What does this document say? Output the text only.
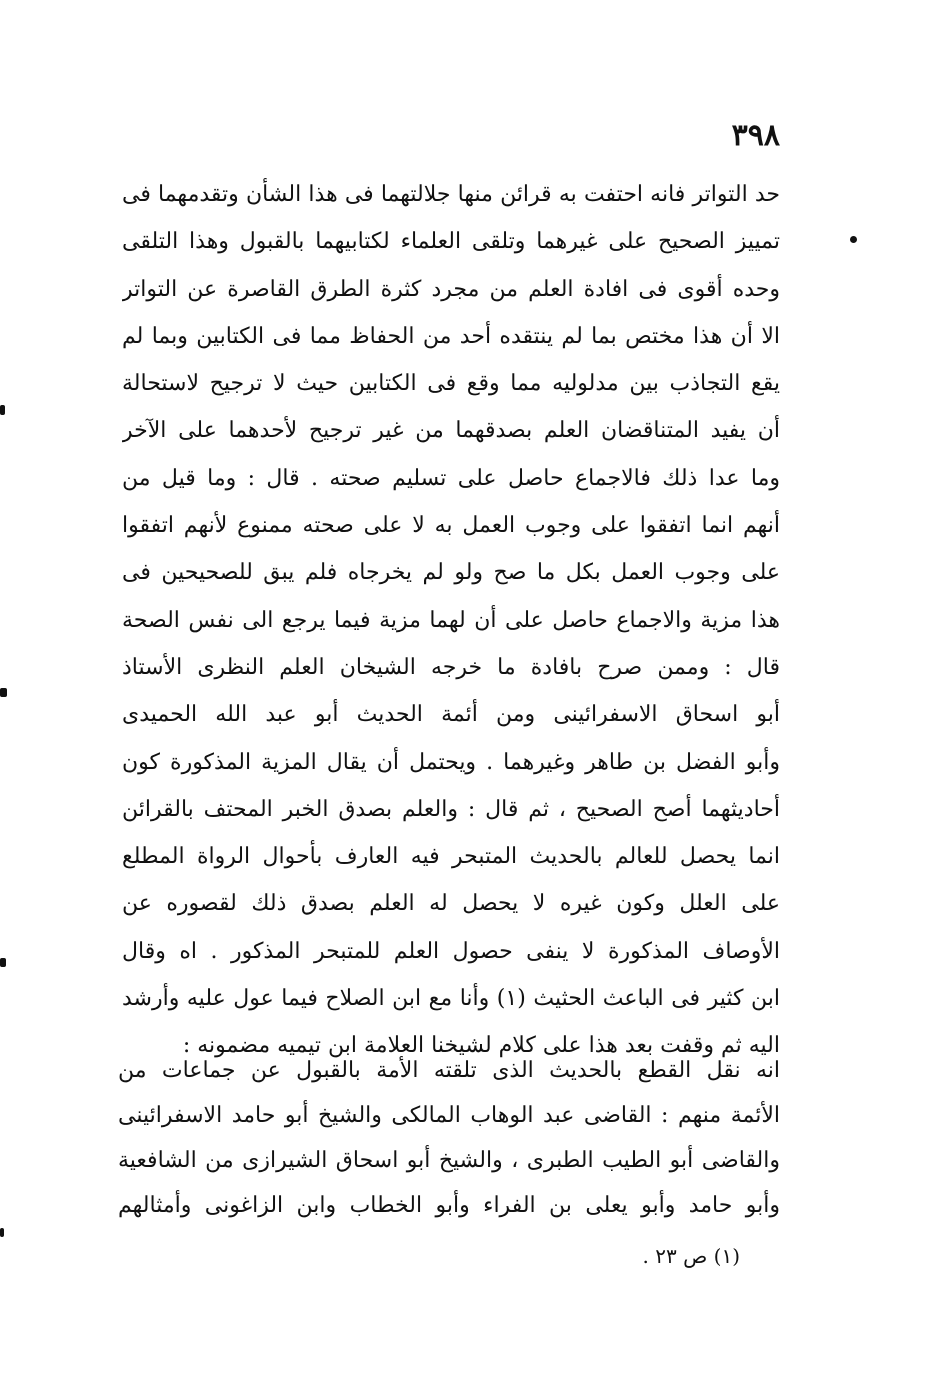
٣٩٨
حد التواتر فانه احتفت به قرائن منها جلالتهما فى هذا الشأن وتقدمهما فى
تمييز الصحيح على غيرهما وتلقى العلماء لكتابيهما بالقبول وهذا التلقى
وحده أقوى فى افادة العلم من مجرد كثرة الطرق القاصرة عن التواتر
الا أن هذا مختص بما لم ينتقده أحد من الحفاظ مما فى الكتابين وبما لم
يقع التجاذب بين مدلوليه مما وقع فى الكتابين حيث لا ترجيح لاستحالة
أن يفيد المتناقضان العلم بصدقهما من غير ترجيح لأحدهما على الآخر
وما عدا ذلك فالاجماع حاصل على تسليم صحته . قال : وما قيل من
أنهم انما اتفقوا على وجوب العمل به لا على صحته ممنوع لأنهم اتفقوا
على وجوب العمل بكل ما صح ولو لم يخرجاه فلم يبق للصحيحين فى
هذا مزية والاجماع حاصل على أن لهما مزية فيما يرجع الى نفس الصحة
قال : وممن صرح بافادة ما خرجه الشيخان العلم النظرى الأستاذ
أبو اسحاق الاسفرائينى ومن أئمة الحديث أبو عبد الله الحميدى
وأبو الفضل بن طاهر وغيرهما . ويحتمل أن يقال المزية المذكورة كون
أحاديثهما أصح الصحيح ، ثم قال : والعلم بصدق الخبر المحتف بالقرائن
انما يحصل للعالم بالحديث المتبحر فيه العارف بأحوال الرواة المطلع
على العلل وكون غيره لا يحصل له العلم بصدق ذلك لقصوره عن
الأوصاف المذكورة لا ينفى حصول العلم للمتبحر المذكور . اه وقال
ابن كثير فى الباعث الحثيث (١) وأنا مع ابن الصلاح فيما عول عليه وأرشد
اليه ثم وقفت بعد هذا على كلام لشيخنا العلامة ابن تيميه مضمونه :
انه نقل القطع بالحديث الذى تلقته الأمة بالقبول عن جماعات من
الأئمة منهم : القاضى عبد الوهاب المالكى والشيخ أبو حامد الاسفرائينى
والقاضى أبو الطيب الطبرى ، والشيخ أبو اسحاق الشيرازى من الشافعية
وأبو حامد وأبو يعلى بن الفراء وأبو الخطاب وابن الزاغونى وأمثالهم
(١) ص ٢٣ .
